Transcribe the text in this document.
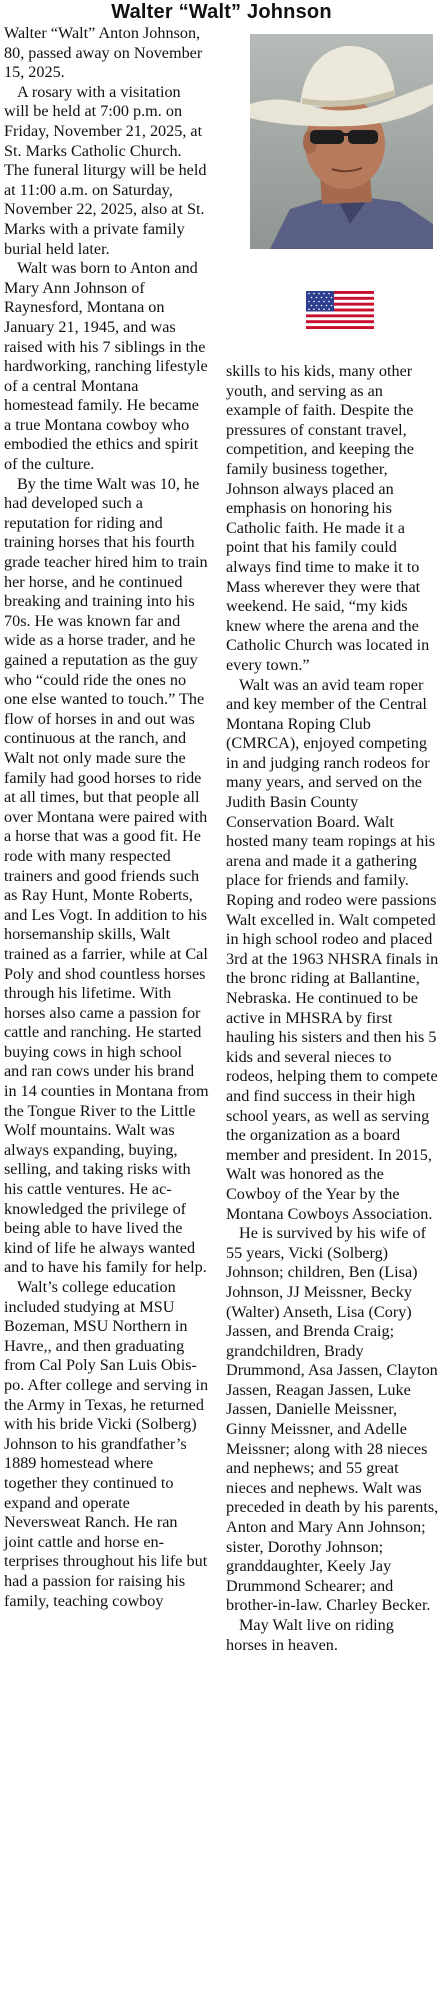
Walter “Walt” Johnson

Walter “Walt” Anton Johnson, 80, passed away on November 15, 2025.

A rosary with a visitation will be held at 7:00 p.m. on Friday, November 21, 2025, at St. Marks Catholic Church. The funeral liturgy will be held at 11:00 a.m. on Saturday, November 22, 2025, also at St. Marks with a private family burial held later.

Walt was born to Anton and Mary Ann Johnson of Raynesford, Montana on January 21, 1945, and was raised with his 7 siblings in the hardworking, ranching lifestyle of a central Montana homestead family. He became a true Montana cowboy who embodied the ethics and spirit of the culture.

By the time Walt was 10, he had developed such a reputation for riding and training horses that his fourth grade teacher hired him to train her horse, and he continued breaking and training into his 70s. He was known far and wide as a horse trader, and he gained a reputation as the guy who “could ride the ones no one else wanted to touch.” The flow of horses in and out was continuous at the ranch, and Walt not only made sure the family had good horses to ride at all times, but that people all over Montana were paired with a horse that was a good fit. He rode with many respected trainers and good friends such as Ray Hunt, Monte Roberts, and Les Vogt. In addition to his horsemanship skills, Walt trained as a farrier, while at Cal Poly and shod countless horses through his lifetime. With horses also came a passion for cattle and ranching. He started buying cows in high school and ran cows under his brand in 14 counties in Montana from the Tongue River to the Little Wolf mountains. Walt was always expanding, buying, selling, and taking risks with his cattle ventures. He acknowledged the privilege of being able to have lived the kind of life he always wanted and to have his family for help.

Walt’s college education included studying at MSU Bozeman, MSU Northern in Havre,, and then graduating from Cal Poly San Luis Obispo. After college and serving in the Army in Texas, he returned with his bride Vicki (Solberg) Johnson to his grandfather’s 1889 homestead where together they continued to expand and operate Neversweat Ranch. He ran joint cattle and horse enterprises throughout his life but had a passion for raising his family, teaching cowboy

skills to his kids, many other youth, and serving as an example of faith. Despite the pressures of constant travel, competition, and keeping the family business together, Johnson always placed an emphasis on honoring his Catholic faith. He made it a point that his family could always find time to make it to Mass wherever they were that weekend. He said, “my kids knew where the arena and the Catholic Church was located in every town.”

Walt was an avid team roper and key member of the Central Montana Roping Club (CMRCA), enjoyed competing in and judging ranch rodeos for many years, and served on the Judith Basin County Conservation Board. Walt hosted many team ropings at his arena and made it a gathering place for friends and family. Roping and rodeo were passions Walt excelled in. Walt competed in high school rodeo and placed 3rd at the 1963 NHSRA finals in the bronc riding at Ballantine, Nebraska. He continued to be active in MHSRA by first hauling his sisters and then his 5 kids and several nieces to rodeos, helping them to compete and find success in their high school years, as well as serving the organization as a board member and president. In 2015, Walt was honored as the Cowboy of the Year by the Montana Cowboys Association.

He is survived by his wife of 55 years, Vicki (Solberg) Johnson; children, Ben (Lisa) Johnson, JJ Meissner, Becky (Walter) Anseth, Lisa (Cory) Jassen, and Brenda Craig; grandchildren, Brady Drummond, Asa Jassen, Clayton Jassen, Reagan Jassen, Luke Jassen, Danielle Meissner, Ginny Meissner, and Adelle Meissner; along with 28 nieces and nephews; and 55 great nieces and nephews. Walt was preceded in death by his parents, Anton and Mary Ann Johnson; sister, Dorothy Johnson; granddaughter, Keely Jay Drummond Schearer; and brother-in-law. Charley Becker.

May Walt live on riding horses in heaven.
